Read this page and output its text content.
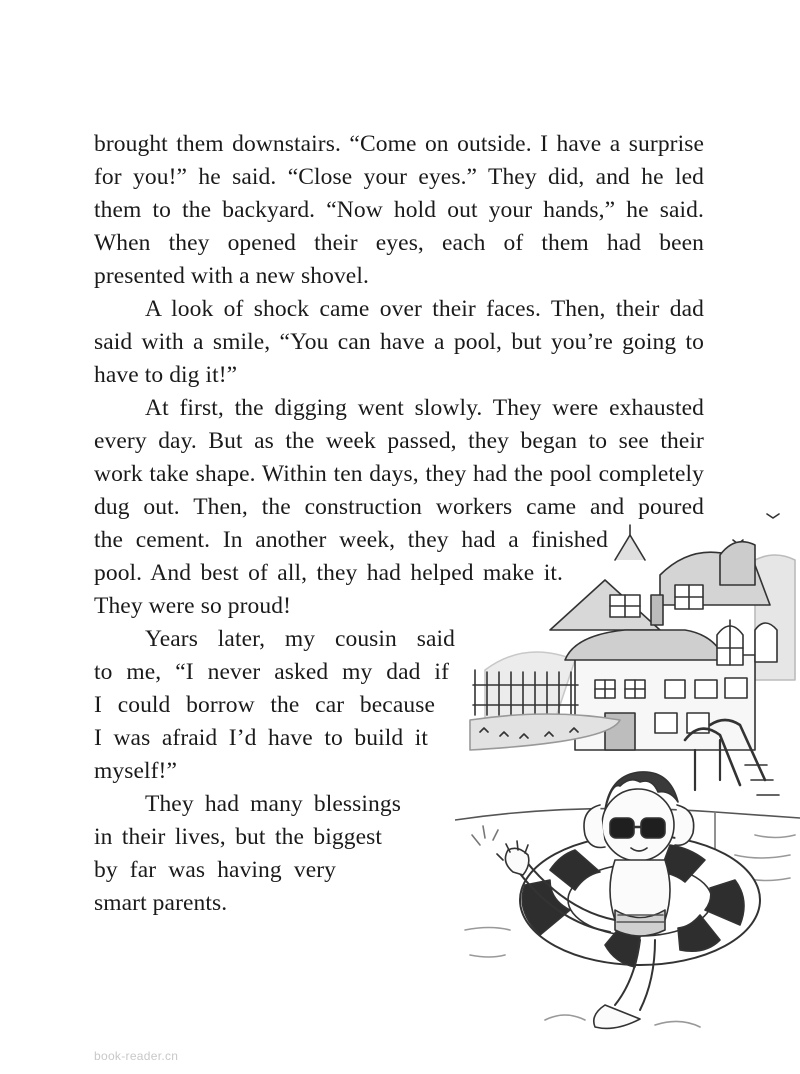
brought them downstairs. “Come on outside. I have a surprise
for you!” he said. “Close your eyes.” They did, and he led
them to the backyard. “Now hold out your hands,” he said.
When they opened their eyes, each of them had been
presented with a new shovel.
A look of shock came over their faces. Then, their dad
said with a smile, “You can have a pool, but you’re going to
have to dig it!”
At first, the digging went slowly. They were exhausted
every day. But as the week passed, they began to see their
work take shape. Within ten days, they had the pool completely
dug out. Then, the construction workers came and poured
the cement. In another week, they had a finished
pool. And best of all, they had helped make it.
They were so proud!
Years later, my cousin said
to me, “I never asked my dad if
I could borrow the car because
I was afraid I’d have to build it
myself!”
They had many blessings
in their lives, but the biggest
by far was having very
smart parents.
book-reader.cn
